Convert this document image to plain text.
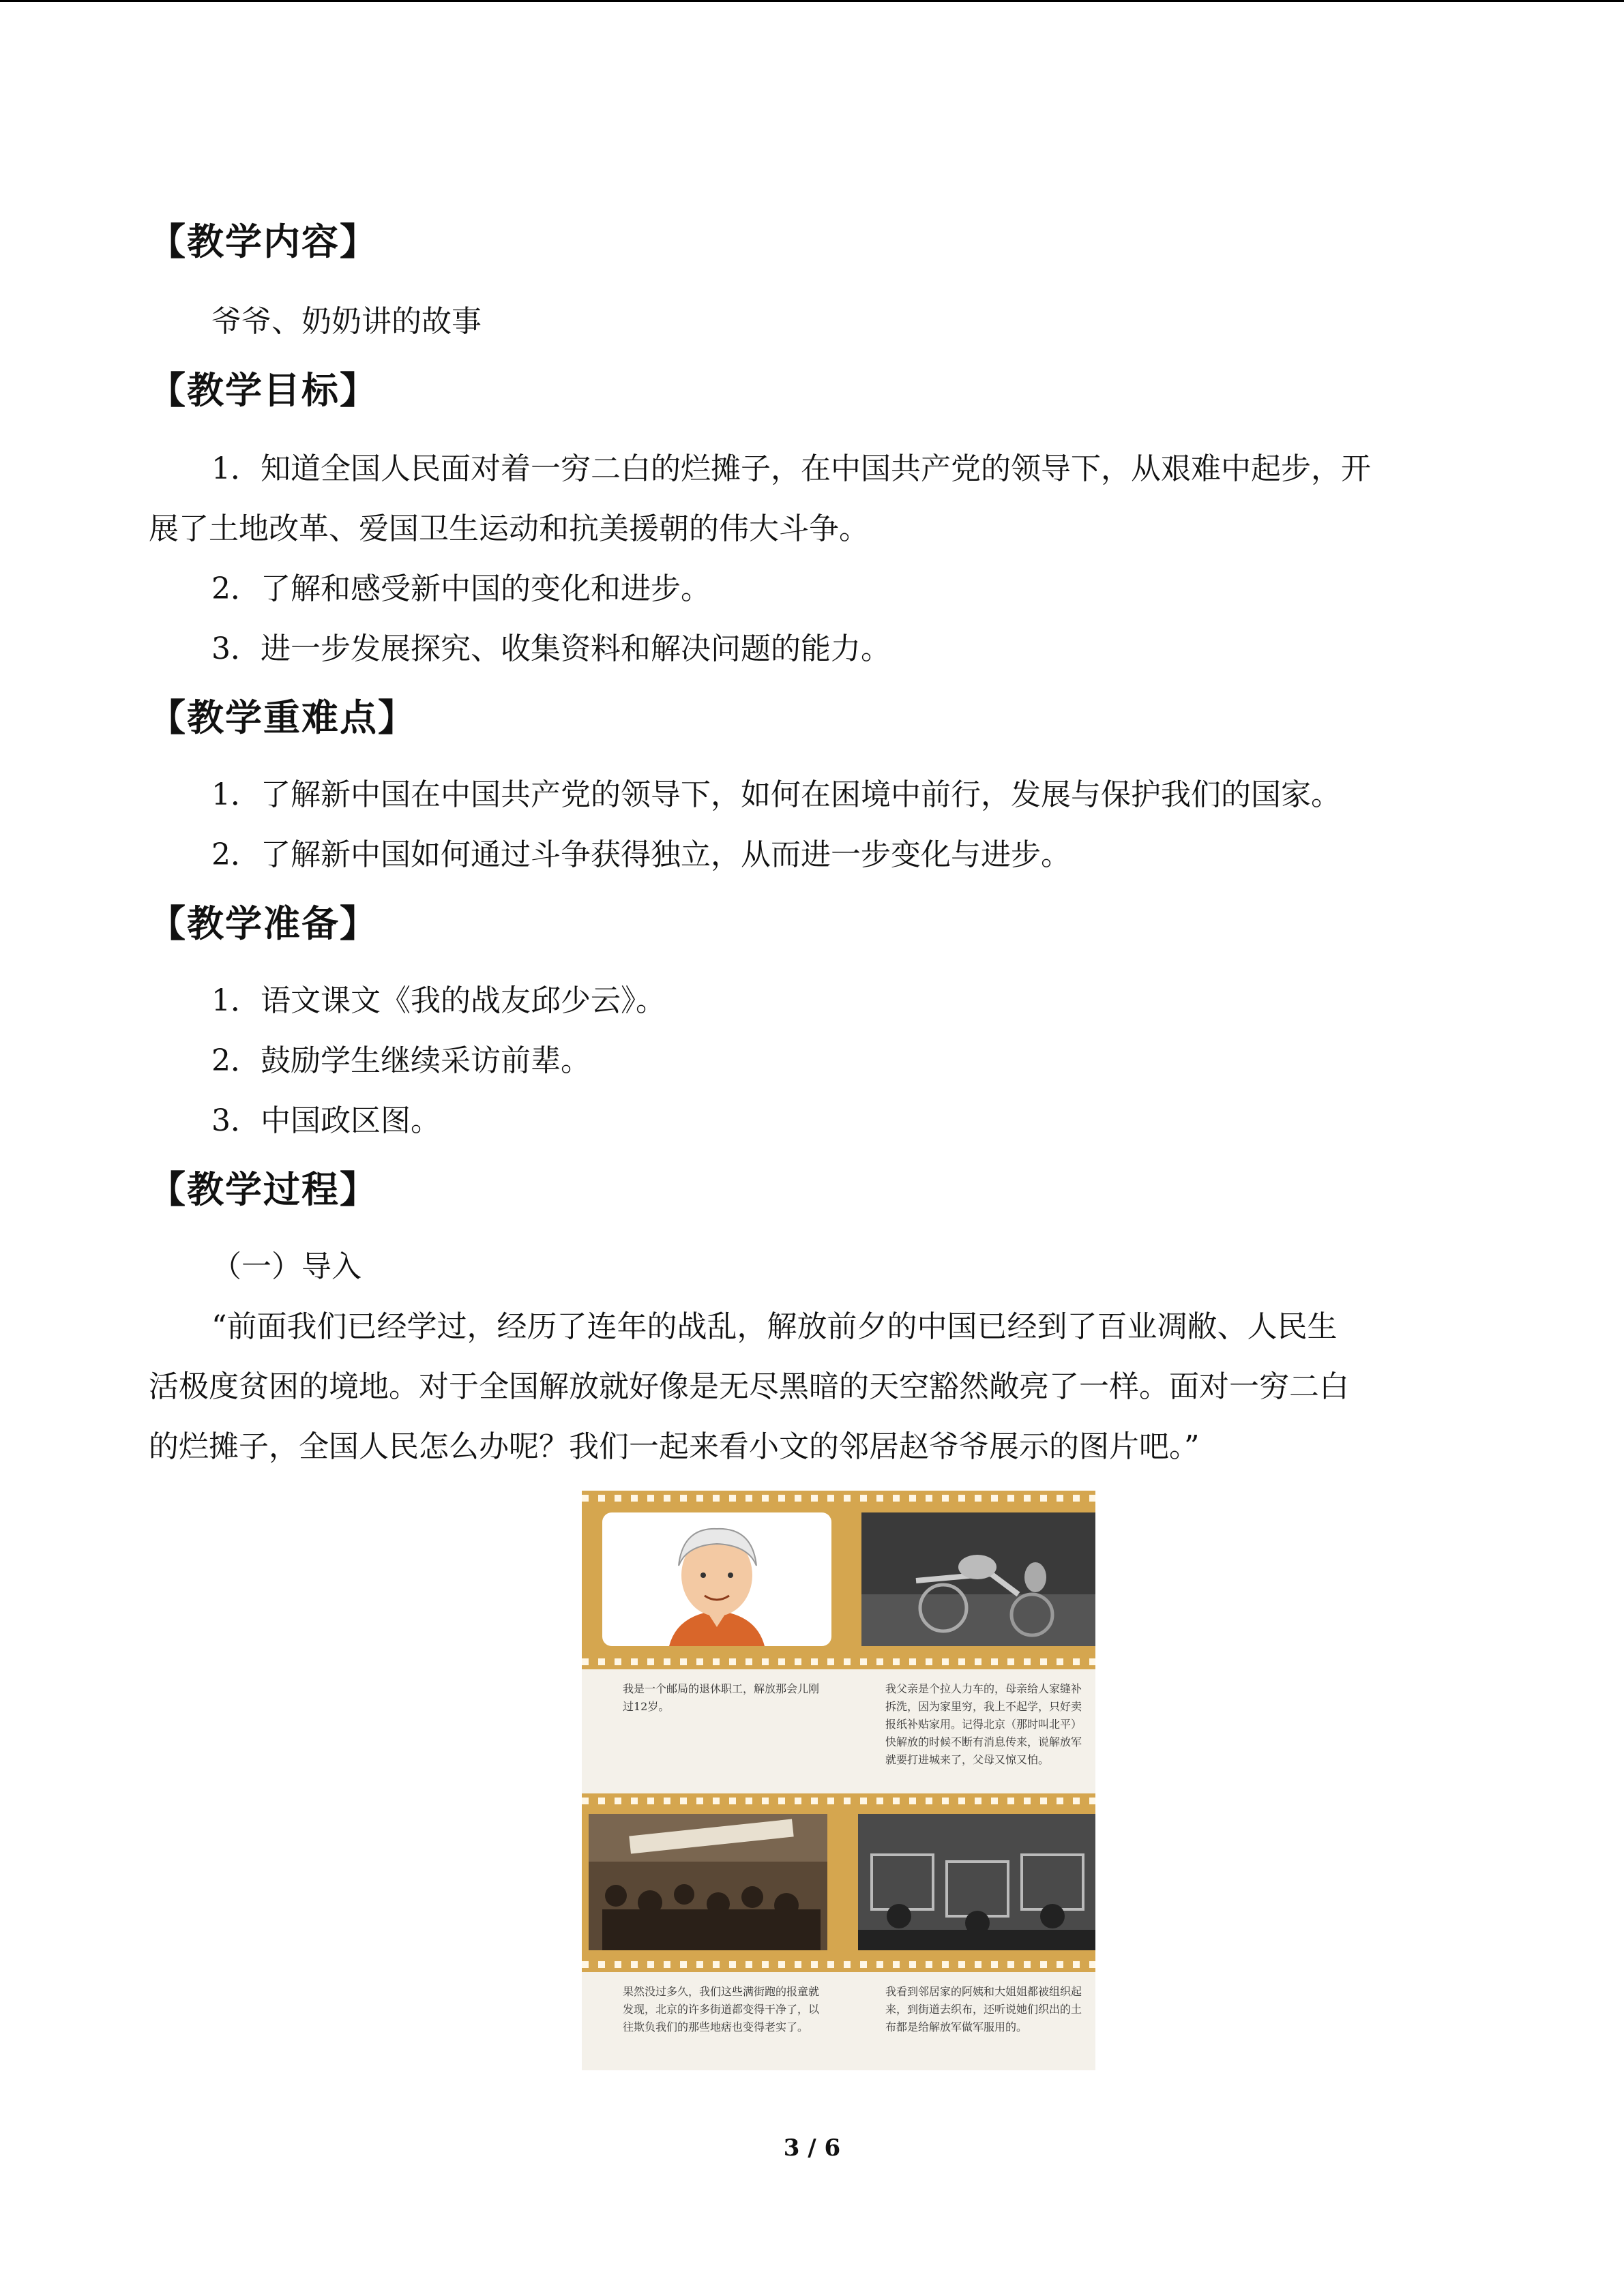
【教学内容】
爷爷、奶奶讲的故事
【教学目标】
1．知道全国人民面对着一穷二白的烂摊子，在中国共产党的领导下，从艰难中起步，开
展了土地改革、爱国卫生运动和抗美援朝的伟大斗争。
2．了解和感受新中国的变化和进步。
3．进一步发展探究、收集资料和解决问题的能力。
【教学重难点】
1．了解新中国在中国共产党的领导下，如何在困境中前行，发展与保护我们的国家。
2．了解新中国如何通过斗争获得独立，从而进一步变化与进步。
【教学准备】
1．语文课文《我的战友邱少云》。
2．鼓励学生继续采访前辈。
3．中国政区图。
【教学过程】
（一）导入
“前面我们已经学过，经历了连年的战乱，解放前夕的中国已经到了百业凋敝、人民生
活极度贫困的境地。对于全国解放就好像是无尽黑暗的天空豁然敞亮了一样。面对一穷二白
的烂摊子，全国人民怎么办呢？我们一起来看小文的邻居赵爷爷展示的图片吧。”
我是一个邮局的退休职工，解放那会儿刚过12岁。
我父亲是个拉人力车的，母亲给人家缝补拆洗，因为家里穷，我上不起学，只好卖报纸补贴家用。记得北京（那时叫北平）快解放的时候不断有消息传来，说解放军就要打进城来了，父母又惊又怕。
果然没过多久，我们这些满街跑的报童就发现，北京的许多街道都变得干净了，以往欺负我们的那些地痞也变得老实了。
我看到邻居家的阿姨和大姐姐都被组织起来，到街道去织布，还听说她们织出的土布都是给解放军做军服用的。
3 / 6
